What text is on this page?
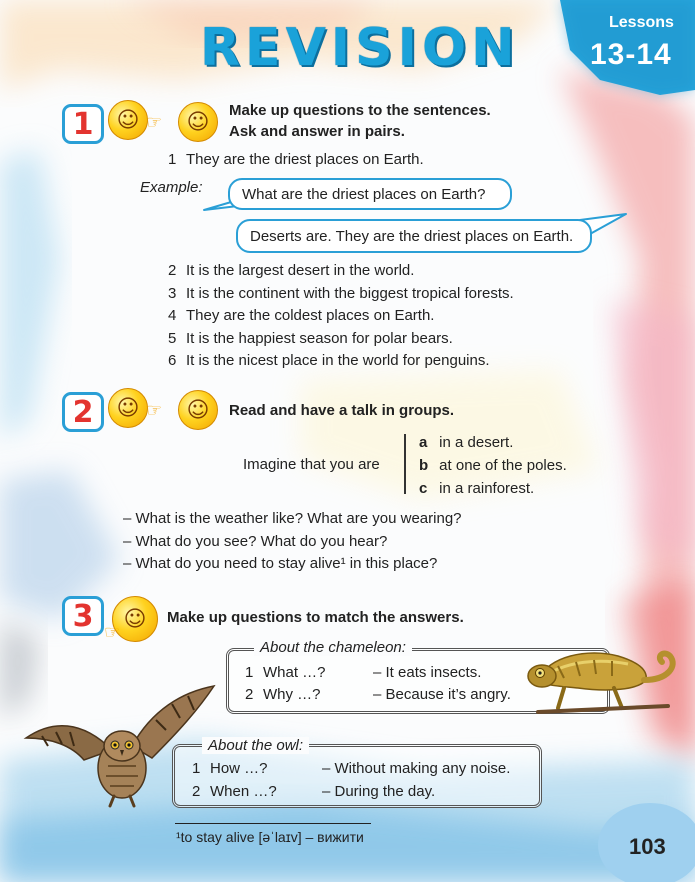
REVISION	Lessons
13-14
1	☺ ☞	☺	Make up questions to the sentences.
Ask and answer in pairs.
1 They are the driest places on Earth.
Example:	What are the driest places on Earth?
Deserts are. They are the driest places on Earth.
2 It is the largest desert in the world.
3 It is the continent with the biggest tropical forests.
4 They are the coldest places on Earth.
5 It is the happiest season for polar bears.
6 It is the nicest place in the world for penguins.
2	☺ ☞	☺	Read and have a talk in groups.
Imagine that you are
a in a desert.
b at one of the poles.
c in a rainforest.
– What is the weather like? What are you wearing?
– What do you see? What do you hear?
– What do you need to stay alive¹ in this place?
3	☺
☞
Make up questions to match the answers.
About the chameleon:
1 What …?	– It eats insects.
2 Why …?	– Because it’s angry.
About the owl:
1 How …?	– Without making any noise.
2 When …?	– During the day.
¹to stay alive [əˈlaɪv] – вижити	103
